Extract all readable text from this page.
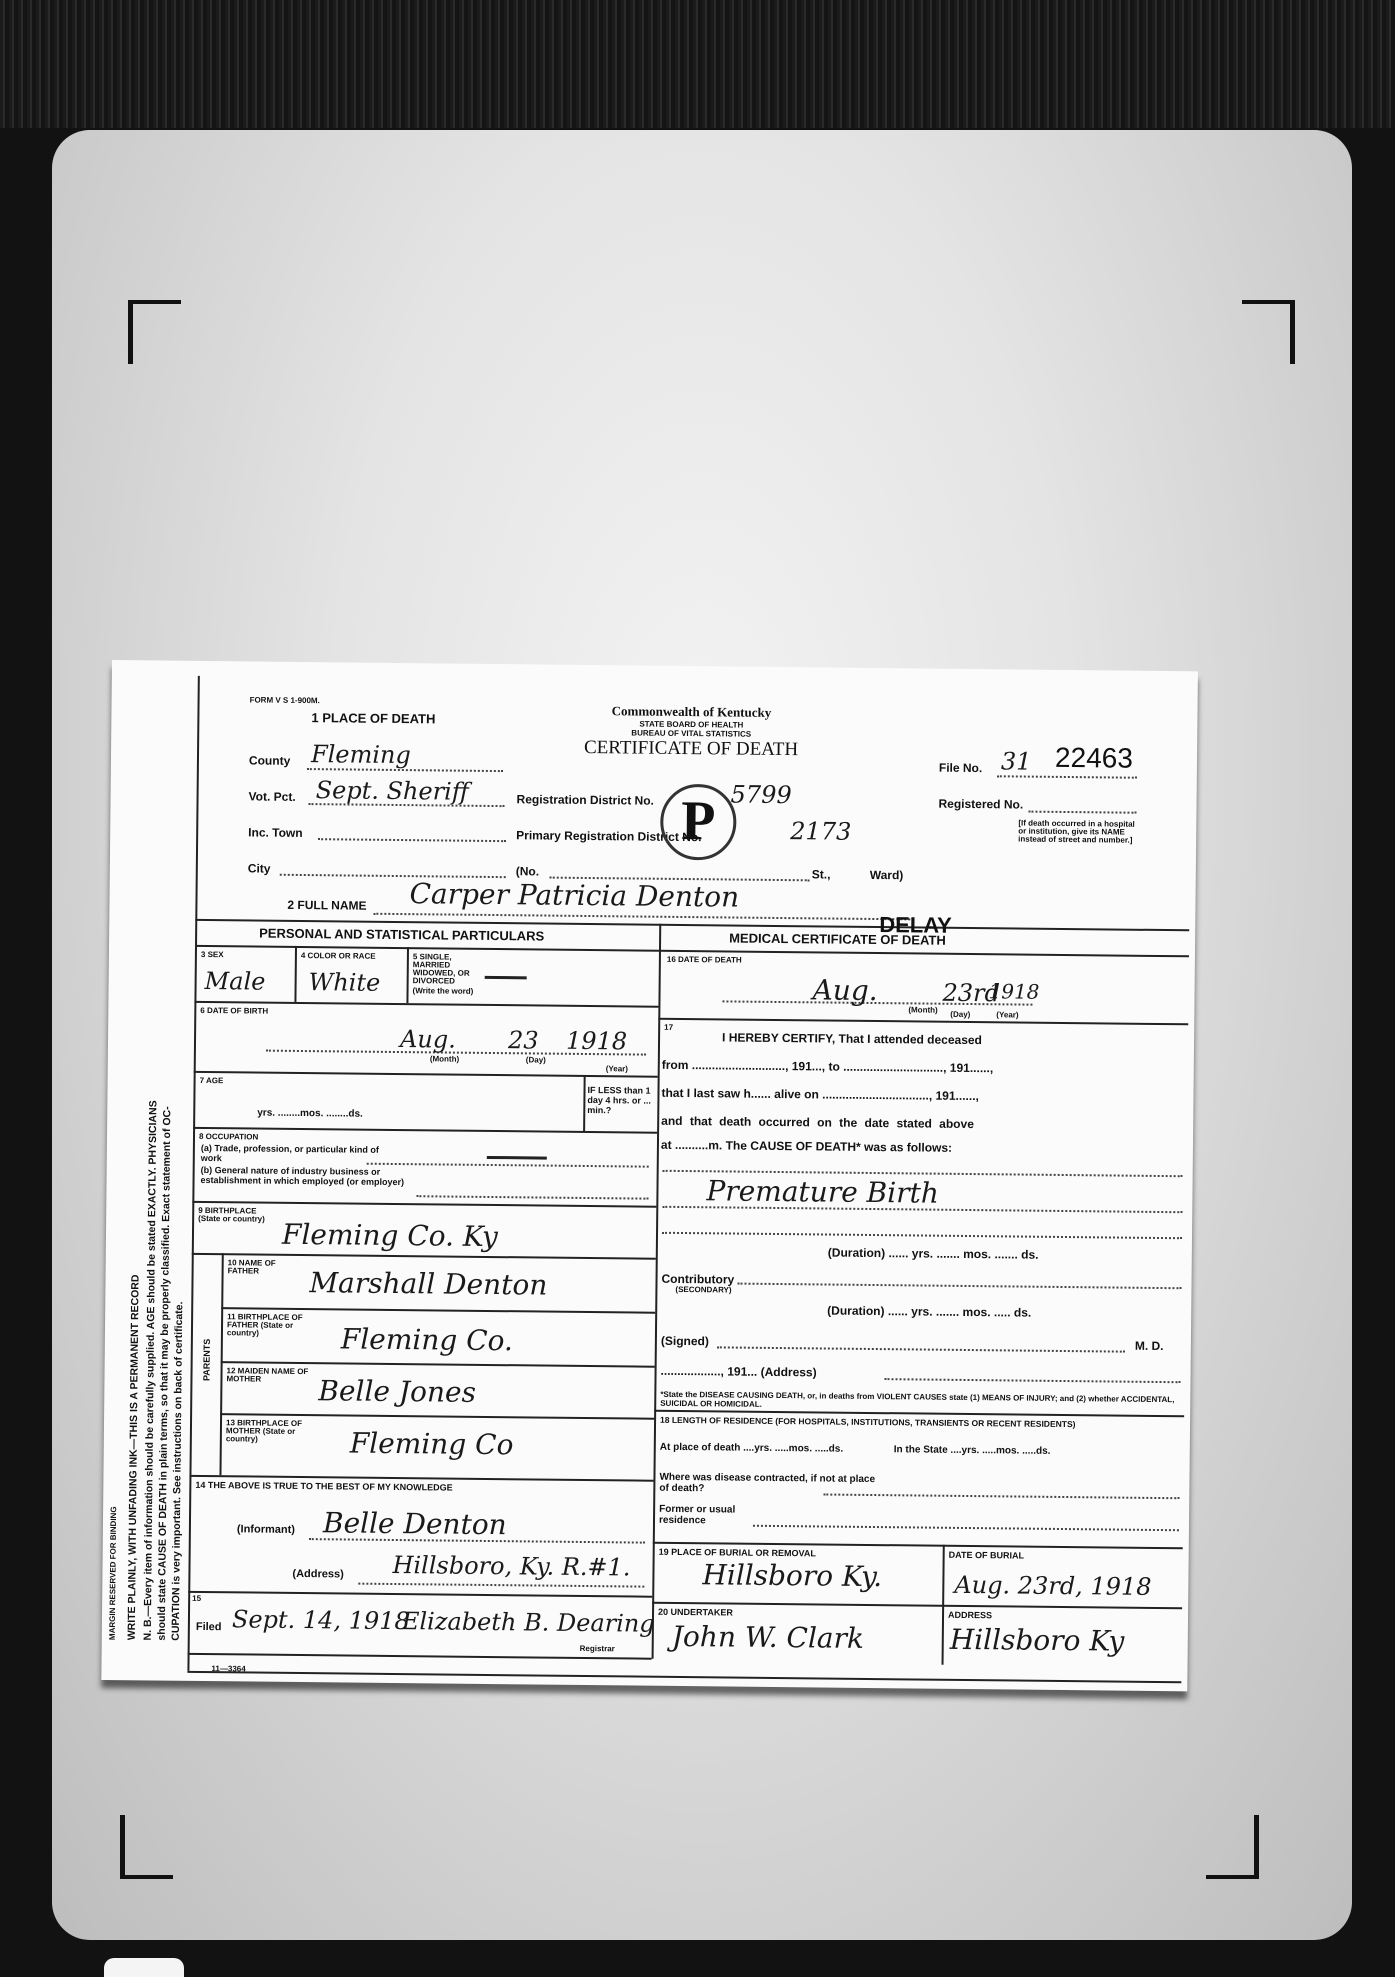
MARGIN RESERVED FOR BINDING WRITE PLAINLY, WITH UNFADING INK—THIS IS A PERMANENT RECORD N. B.—Every item of information should be carefully supplied. AGE should be stated EXACTLY. PHYSICIANS
should state CAUSE OF DEATH in plain terms, so that it may be properly classified. Exact statement of OC-
CUPATION is very important. See instructions on back of certificate.
FORM V S 1-900M.
Commonwealth of Kentucky
STATE BOARD OF HEALTH
BUREAU OF VITAL STATISTICS
CERTIFICATE OF DEATH
1 PLACE OF DEATH
File No. 31 22463
Registered No.
[If death occurred in a hospital or institution, give its NAME instead of street and number.]
County Fleming
Vot. Pct. Sept. Sheriff
Inc. Town
City
Registration District No.	5799
Primary Registration District No.	2173
(No.	St.,	Ward)
P
2 FULL NAME Carper Patricia Denton
PERSONAL AND STATISTICAL PARTICULARS
3 SEX
Male
4 COLOR OR RACE
White
5 SINGLE, MARRIED WIDOWED, OR DIVORCED
(Write the word)
6 DATE OF BIRTH
Aug. 23 1918
(Month)	(Day)
(Year)
7 AGE
yrs. ........mos. ........ds.
IF LESS than 1 day 4 hrs. or ... min.?
8 OCCUPATION
(a) Trade, profession, or particular kind of work
(b) General nature of industry business or establishment in which employed (or employer)
9 BIRTHPLACE (State or country) Fleming Co. Ky
PARENTS
10 NAME OF FATHER	Marshall Denton
11 BIRTHPLACE OF FATHER (State or country)	Fleming Co.
12 MAIDEN NAME OF MOTHER	Belle Jones
13 BIRTHPLACE OF MOTHER (State or country)	Fleming Co
14 THE ABOVE IS TRUE TO THE BEST OF MY KNOWLEDGE
(Informant) Belle Denton
(Address) Hillsboro, Ky. R.#1.
15
Filed Sept. 14, 1918
Elizabeth B. Dearing
Registrar
11—3364
MEDICAL CERTIFICATE OF DEATH
DELAY
16 DATE OF DEATH
Aug.	23rd
1918
(Month) (Day)	(Year)
17
I HEREBY CERTIFY, That I attended deceased
from ............................, 191..., to .............................., 191......,
that I last saw h...... alive on ................................, 191......,
and that death occurred on the date stated above
at ..........m. The CAUSE OF DEATH* was as follows:
Premature Birth
(Duration) ...... yrs. ....... mos. ....... ds.
Contributory
(SECONDARY)
(Duration) ...... yrs. ....... mos. ..... ds.
(Signed)	M. D.
.................., 191... (Address)
*State the DISEASE CAUSING DEATH, or, in deaths from VIOLENT CAUSES state (1) MEANS OF INJURY; and (2) whether ACCIDENTAL, SUICIDAL OR HOMICIDAL.
18 LENGTH OF RESIDENCE (FOR HOSPITALS, INSTITUTIONS, TRANSIENTS OR RECENT RESIDENTS)
At place of death ....yrs. .....mos. .....ds.	In the State ....yrs. .....mos. .....ds.
Where was disease contracted, if not at place of death?
Former or usual residence
19 PLACE OF BURIAL OR REMOVAL
Hillsboro Ky.
DATE OF BURIAL
Aug. 23rd, 1918
20 UNDERTAKER
John W. Clark
ADDRESS
Hillsboro Ky
